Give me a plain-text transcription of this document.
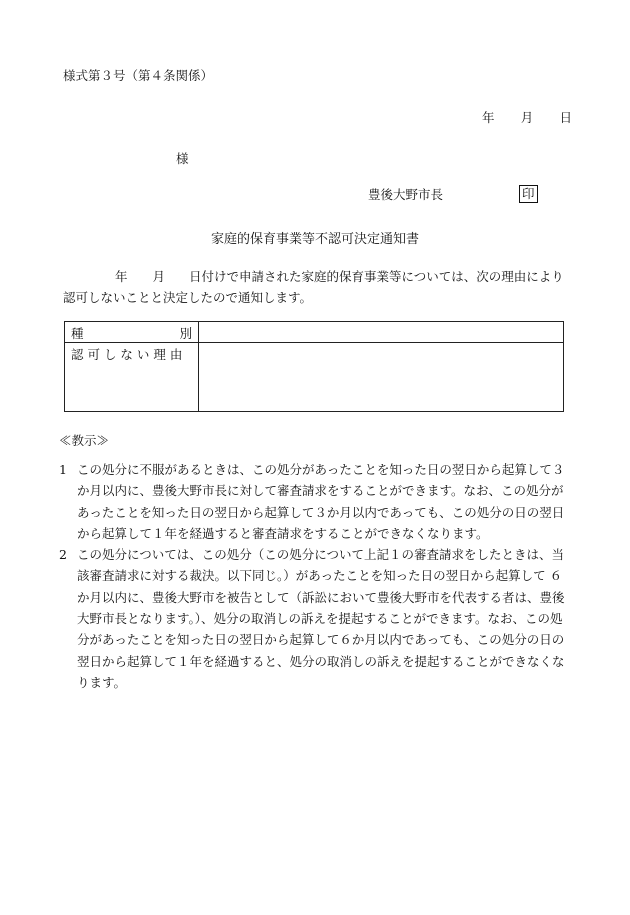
様式第３号（第４条関係）
年 月 日
様
豊後大野市長	印
家庭的保育事業等不認可決定通知書
年 月 日付けで申請された家庭的保育事業等については、次の理由により
認可しないことと決定したので通知します。
種 別	

認 可 し な い 理 由	
≪教示≫
1 この処分に不服があるときは、この処分があったことを知った日の翌日から起算して３
か月以内に、豊後大野市長に対して審査請求をすることができます。なお、この処分が
あったことを知った日の翌日から起算して３か月以内であっても、この処分の日の翌日
から起算して１年を経過すると審査請求をすることができなくなります。
2 この処分については、この処分（この処分について上記１の審査請求をしたときは、当
該審査請求に対する裁決。以下同じ。）があったことを知った日の翌日から起算して ６
か月以内に、豊後大野市を被告として（訴訟において豊後大野市を代表する者は、豊後
大野市長となります。）、処分の取消しの訴えを提起することができます。なお、この処
分があったことを知った日の翌日から起算して６か月以内であっても、この処分の日の
翌日から起算して１年を経過すると、処分の取消しの訴えを提起することができなくな
ります。
